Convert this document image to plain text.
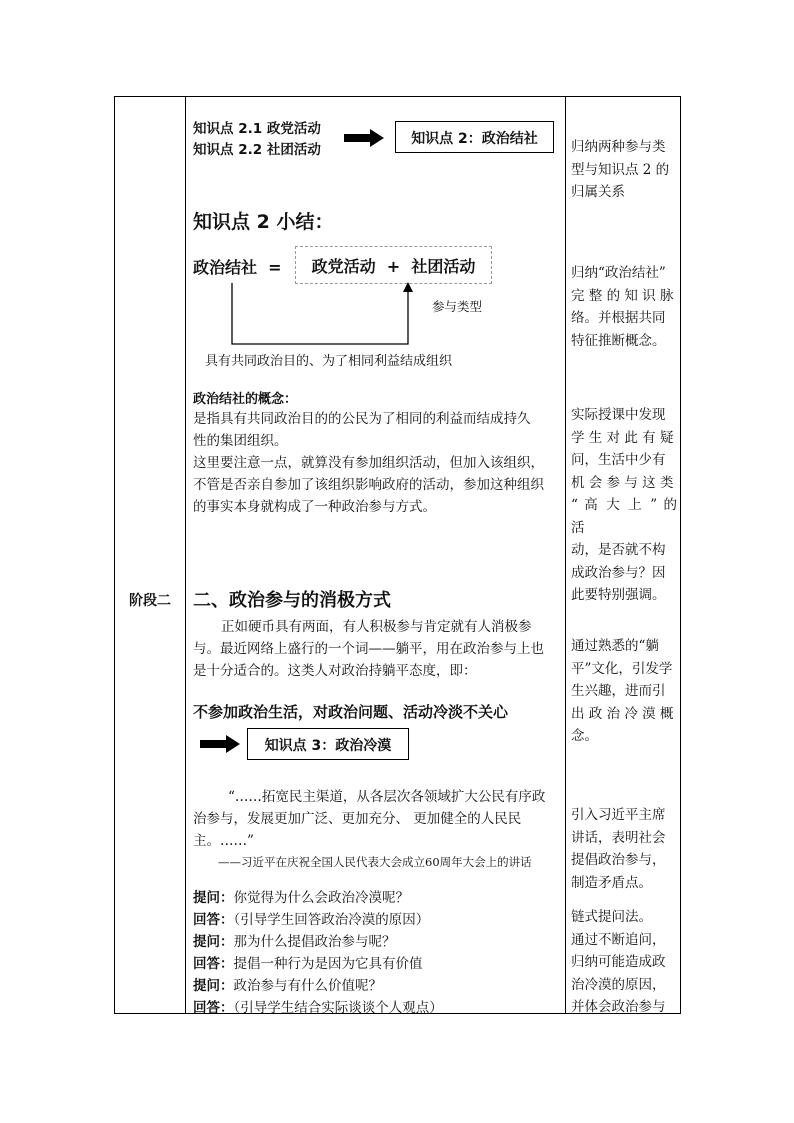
阶段二
知识点 2.1 政党活动
知识点 2.2 社团活动
知识点 2：政治结社
知识点 2 小结：
政治结社  =	政党活动  +  社团活动
参与类型
具有共同政治目的、为了相同利益结成组织
政治结社的概念：
是指具有共同政治目的的公民为了相同的利益而结成持久
性的集团组织。
这里要注意一点，就算没有参加组织活动，但加入该组织，
不管是否亲自参加了该组织影响政府的活动，参加这种组织
的事实本身就构成了一种政治参与方式。
二、政治参与的消极方式
正如硬币具有两面，有人积极参与肯定就有人消极参
与。最近网络上盛行的一个词——躺平，用在政治参与上也
是十分适合的。这类人对政治持躺平态度，即：
不参加政治生活，对政治问题、活动冷淡不关心
知识点 3：政治冷漠
“……拓宽民主渠道，从各层次各领域扩大公民有序政
治参与，发展更加广泛、更加充分、 更加健全的人民民
主。……”
——习近平在庆祝全国人民代表大会成立60周年大会上的讲话
提问：你觉得为什么会政治冷漠呢？
回答：（引导学生回答政治冷漠的原因）
提问：那为什么提倡政治参与呢？
回答：提倡一种行为是因为它具有价值
提问：政治参与有什么价值呢？
回答：（引导学生结合实际谈谈个人观点）
归纳两种参与类
型与知识点 2 的
归属关系
归纳“政治结社”
完 整 的 知 识 脉
络。并根据共同
特征推断概念。
实际授课中发现
学 生 对 此 有 疑
问，生活中少有
机 会 参 与 这 类
“ 高 大 上 ” 的 活
动，是否就不构
成政治参与？因
此要特别强调。
通过熟悉的“躺
平”文化，引发学
生兴趣，进而引
出 政 治 冷 漠 概
念。
引入习近平主席
讲话，表明社会
提倡政治参与，
制造矛盾点。
链式提问法。
通过不断追问，
归纳可能造成政
治冷漠的原因，
并体会政治参与
